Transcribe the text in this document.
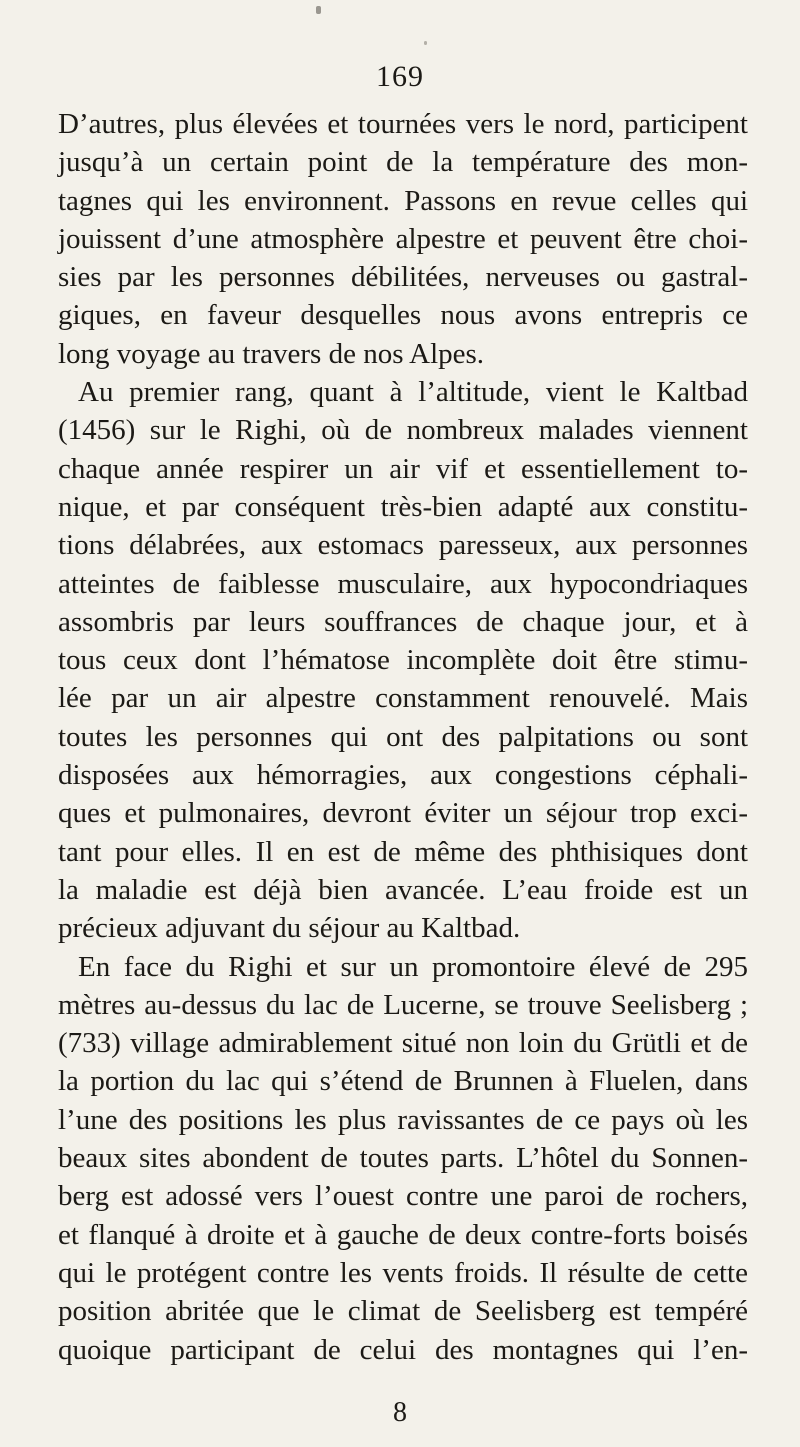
169
D’autres, plus élevées et tournées vers le nord, participent
jusqu’à un certain point de la température des mon-
tagnes qui les environnent. Passons en revue celles qui
jouissent d’une atmosphère alpestre et peuvent être choi-
sies par les personnes débilitées, nerveuses ou gastral-
giques, en faveur desquelles nous avons entrepris ce
long voyage au travers de nos Alpes.
Au premier rang, quant à l’altitude, vient le Kaltbad
(1456) sur le Righi, où de nombreux malades viennent
chaque année respirer un air vif et essentiellement to-
nique, et par conséquent très-bien adapté aux constitu-
tions délabrées, aux estomacs paresseux, aux personnes
atteintes de faiblesse musculaire, aux hypocondriaques
assombris par leurs souffrances de chaque jour, et à
tous ceux dont l’hématose incomplète doit être stimu-
lée par un air alpestre constamment renouvelé. Mais
toutes les personnes qui ont des palpitations ou sont
disposées aux hémorragies, aux congestions céphali-
ques et pulmonaires, devront éviter un séjour trop exci-
tant pour elles. Il en est de même des phthisiques dont
la maladie est déjà bien avancée. L’eau froide est un
précieux adjuvant du séjour au Kaltbad.
En face du Righi et sur un promontoire élevé de 295
mètres au-dessus du lac de Lucerne, se trouve Seelisberg ;
(733) village admirablement situé non loin du Grütli et de
la portion du lac qui s’étend de Brunnen à Fluelen, dans
l’une des positions les plus ravissantes de ce pays où les
beaux sites abondent de toutes parts. L’hôtel du Sonnen-
berg est adossé vers l’ouest contre une paroi de rochers,
et flanqué à droite et à gauche de deux contre-forts boisés
qui le protégent contre les vents froids. Il résulte de cette
position abritée que le climat de Seelisberg est tempéré
quoique participant de celui des montagnes qui l’en-
8
